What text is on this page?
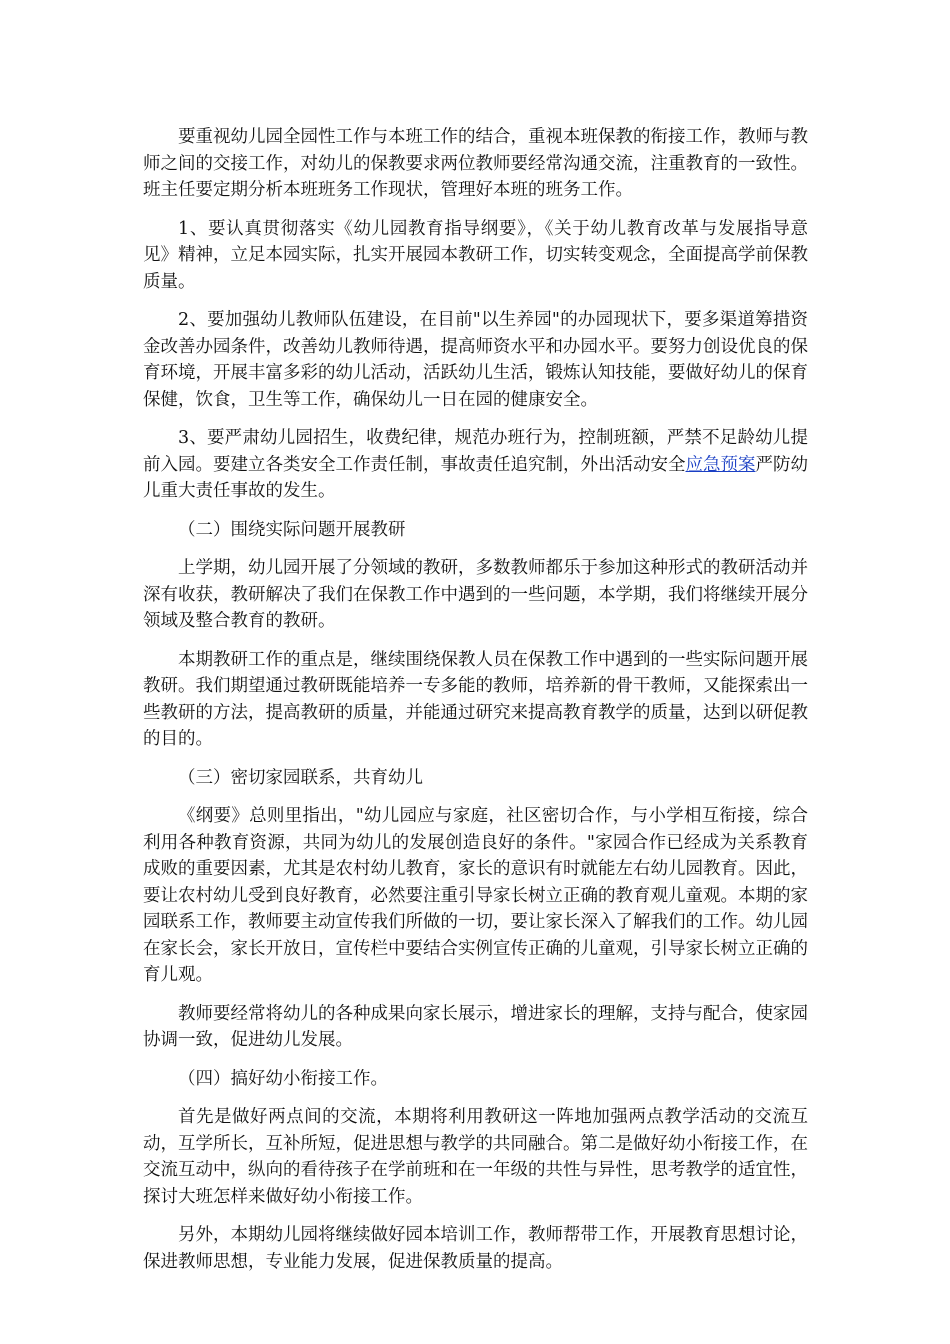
要重视幼儿园全园性工作与本班工作的结合，重视本班保教的衔接工作，教师与教师之间的交接工作，对幼儿的保教要求两位教师要经常沟通交流，注重教育的一致性。班主任要定期分析本班班务工作现状，管理好本班的班务工作。

1、要认真贯彻落实《幼儿园教育指导纲要》，《关于幼儿教育改革与发展指导意见》精神，立足本园实际，扎实开展园本教研工作，切实转变观念，全面提高学前保教质量。

2、要加强幼儿教师队伍建设，在目前"以生养园"的办园现状下，要多渠道筹措资金改善办园条件，改善幼儿教师待遇，提高师资水平和办园水平。要努力创设优良的保育环境，开展丰富多彩的幼儿活动，活跃幼儿生活，锻炼认知技能，要做好幼儿的保育保健，饮食，卫生等工作，确保幼儿一日在园的健康安全。

3、要严肃幼儿园招生，收费纪律，规范办班行为，控制班额，严禁不足龄幼儿提前入园。要建立各类安全工作责任制，事故责任追究制，外出活动安全应急预案严防幼儿重大责任事故的发生。

（二）围绕实际问题开展教研

上学期，幼儿园开展了分领域的教研，多数教师都乐于参加这种形式的教研活动并深有收获，教研解决了我们在保教工作中遇到的一些问题，本学期，我们将继续开展分领域及整合教育的教研。

本期教研工作的重点是，继续围绕保教人员在保教工作中遇到的一些实际问题开展教研。我们期望通过教研既能培养一专多能的教师，培养新的骨干教师，又能探索出一些教研的方法，提高教研的质量，并能通过研究来提高教育教学的质量，达到以研促教的目的。

（三）密切家园联系，共育幼儿

《纲要》总则里指出，"幼儿园应与家庭，社区密切合作，与小学相互衔接，综合利用各种教育资源，共同为幼儿的发展创造良好的条件。"家园合作已经成为关系教育成败的重要因素，尤其是农村幼儿教育，家长的意识有时就能左右幼儿园教育。因此，要让农村幼儿受到良好教育，必然要注重引导家长树立正确的教育观儿童观。本期的家园联系工作，教师要主动宣传我们所做的一切，要让家长深入了解我们的工作。幼儿园在家长会，家长开放日，宣传栏中要结合实例宣传正确的儿童观，引导家长树立正确的育儿观。

教师要经常将幼儿的各种成果向家长展示，增进家长的理解，支持与配合，使家园协调一致，促进幼儿发展。

（四）搞好幼小衔接工作。

首先是做好两点间的交流，本期将利用教研这一阵地加强两点教学活动的交流互动，互学所长，互补所短，促进思想与教学的共同融合。第二是做好幼小衔接工作，在交流互动中，纵向的看待孩子在学前班和在一年级的共性与异性，思考教学的适宜性，探讨大班怎样来做好幼小衔接工作。

另外，本期幼儿园将继续做好园本培训工作，教师帮带工作，开展教育思想讨论，保进教师思想，专业能力发展，促进保教质量的提高。
